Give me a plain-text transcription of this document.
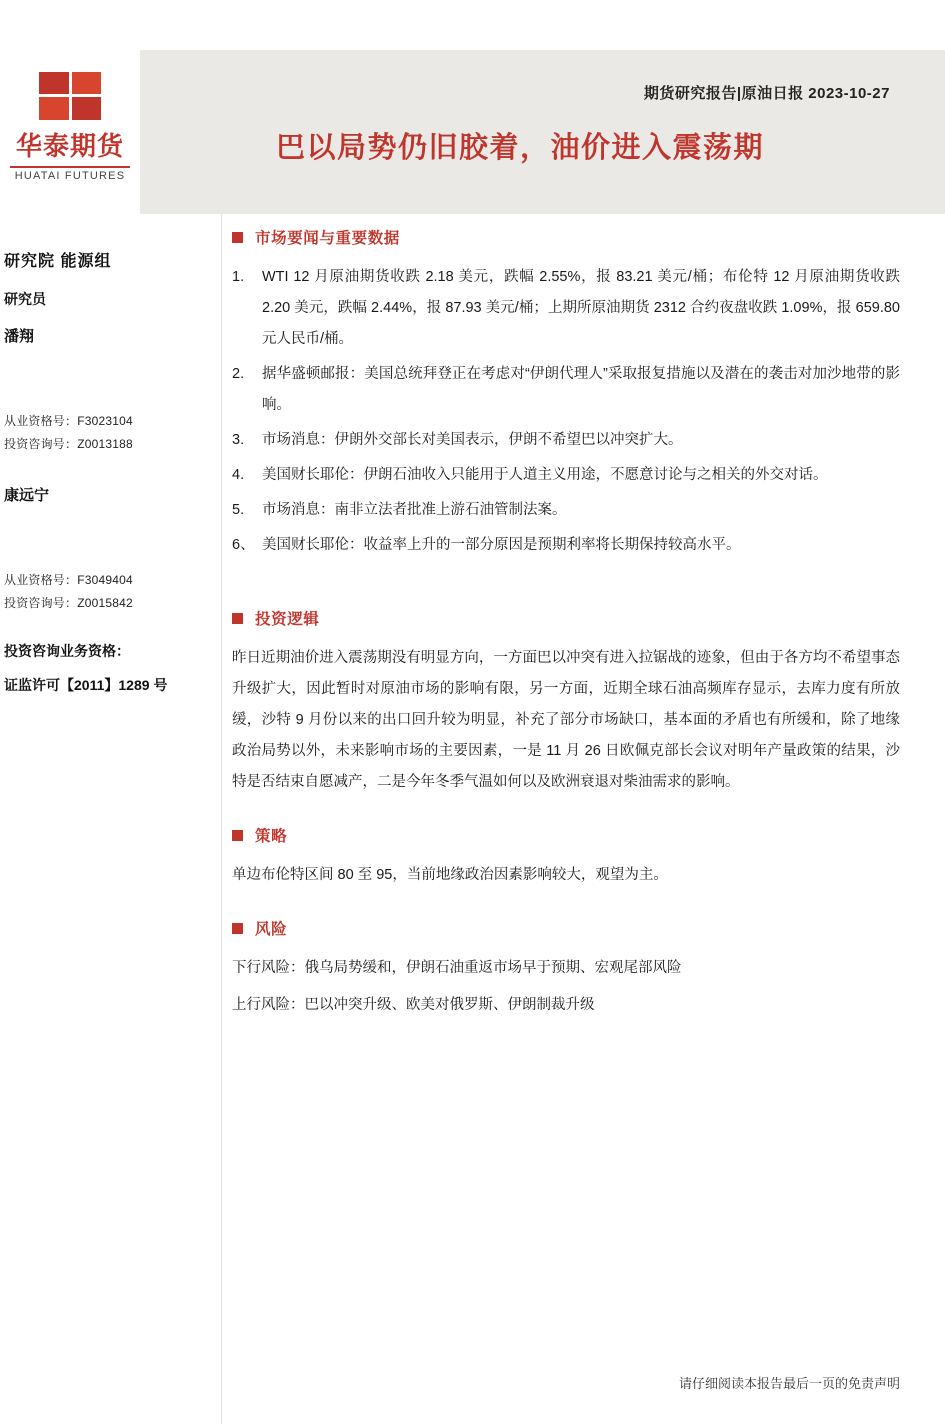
华泰期货
HUATAI FUTURES
期货研究报告|原油日报 2023-10-27
巴以局势仍旧胶着，油价进入震荡期
研究院 能源组
研究员
潘翔
从业资格号：F3023104
投资咨询号：Z0013188
康远宁
从业资格号：F3049404
投资咨询号：Z0015842
投资咨询业务资格：
证监许可【2011】1289 号
市场要闻与重要数据
1.	WTI 12 月原油期货收跌 2.18 美元，跌幅 2.55%，报 83.21 美元/桶；布伦特 12 月原油期货收跌 2.20 美元，跌幅 2.44%，报 87.93 美元/桶；上期所原油期货 2312 合约夜盘收跌 1.09%，报 659.80 元人民币/桶。
2.	据华盛顿邮报：美国总统拜登正在考虑对“伊朗代理人”采取报复措施以及潜在的袭击对加沙地带的影响。
3.	市场消息：伊朗外交部长对美国表示，伊朗不希望巴以冲突扩大。
4.	美国财长耶伦：伊朗石油收入只能用于人道主义用途，不愿意讨论与之相关的外交对话。
5.	市场消息：南非立法者批准上游石油管制法案。
6、 美国财长耶伦：收益率上升的一部分原因是预期利率将长期保持较高水平。
投资逻辑
昨日近期油价进入震荡期没有明显方向，一方面巴以冲突有进入拉锯战的迹象，但由于各方均不希望事态升级扩大，因此暂时对原油市场的影响有限，另一方面，近期全球石油高频库存显示，去库力度有所放缓，沙特 9 月份以来的出口回升较为明显，补充了部分市场缺口，基本面的矛盾也有所缓和，除了地缘政治局势以外，未来影响市场的主要因素，一是 11 月 26 日欧佩克部长会议对明年产量政策的结果，沙特是否结束自愿减产，二是今年冬季气温如何以及欧洲衰退对柴油需求的影响。
策略
单边布伦特区间 80 至 95，当前地缘政治因素影响较大，观望为主。
风险
下行风险：俄乌局势缓和，伊朗石油重返市场早于预期、宏观尾部风险
上行风险：巴以冲突升级、欧美对俄罗斯、伊朗制裁升级
请仔细阅读本报告最后一页的免责声明
